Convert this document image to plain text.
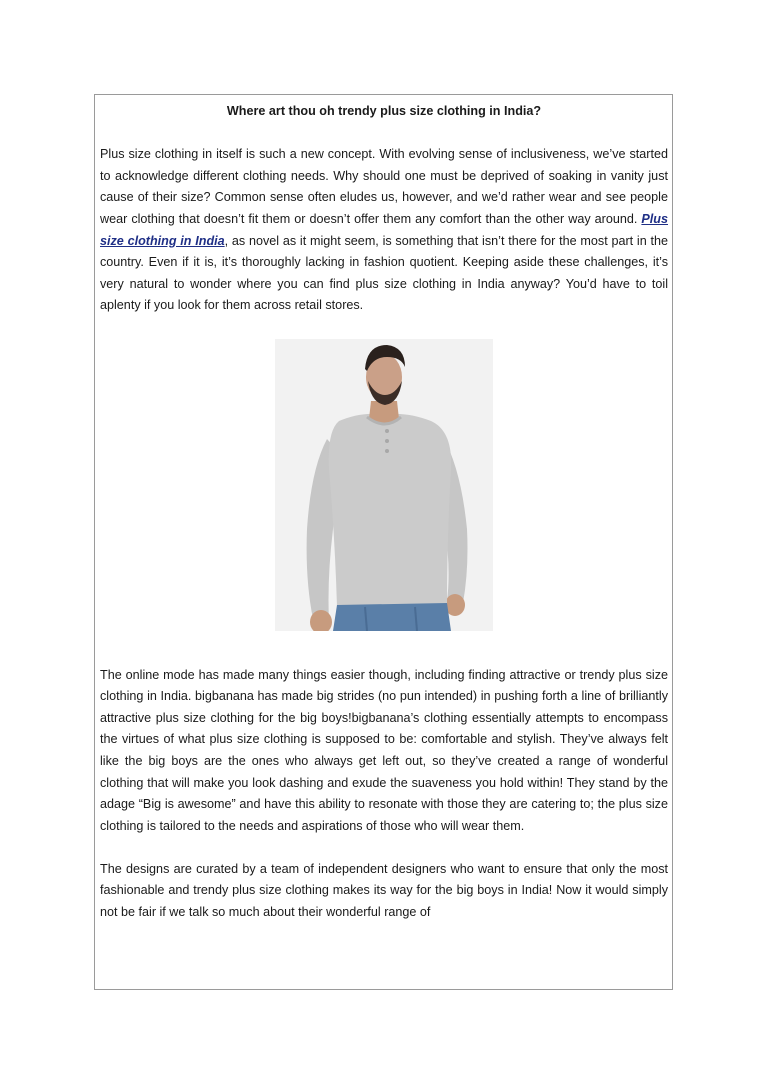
Where art thou oh trendy plus size clothing in India?

Plus size clothing in itself is such a new concept. With evolving sense of inclusiveness, we’ve started to acknowledge different clothing needs. Why should one must be deprived of soaking in vanity just cause of their size? Common sense often eludes us, however, and we’d rather wear and see people wear clothing that doesn’t fit them or doesn’t offer them any comfort than the other way around. Plus size clothing in India, as novel as it might seem, is something that isn’t there for the most part in the country. Even if it is, it’s thoroughly lacking in fashion quotient. Keeping aside these challenges, it’s very natural to wonder where you can find plus size clothing in India anyway? You’d have to toil aplenty if you look for them across retail stores.

The online mode has made many things easier though, including finding attractive or trendy plus size clothing in India. bigbanana has made big strides (no pun intended) in pushing forth a line of brilliantly attractive plus size clothing for the big boys!bigbanana’s clothing essentially attempts to encompass the virtues of what plus size clothing is supposed to be: comfortable and stylish. They’ve always felt like the big boys are the ones who always get left out, so they’ve created a range of wonderful clothing that will make you look dashing and exude the suaveness you hold within! They stand by the adage “Big is awesome” and have this ability to resonate with those they are catering to; the plus size clothing is tailored to the needs and aspirations of those who will wear them.

The designs are curated by a team of independent designers who want to ensure that only the most fashionable and trendy plus size clothing makes its way for the big boys in India! Now it would simply not be fair if we talk so much about their wonderful range of
